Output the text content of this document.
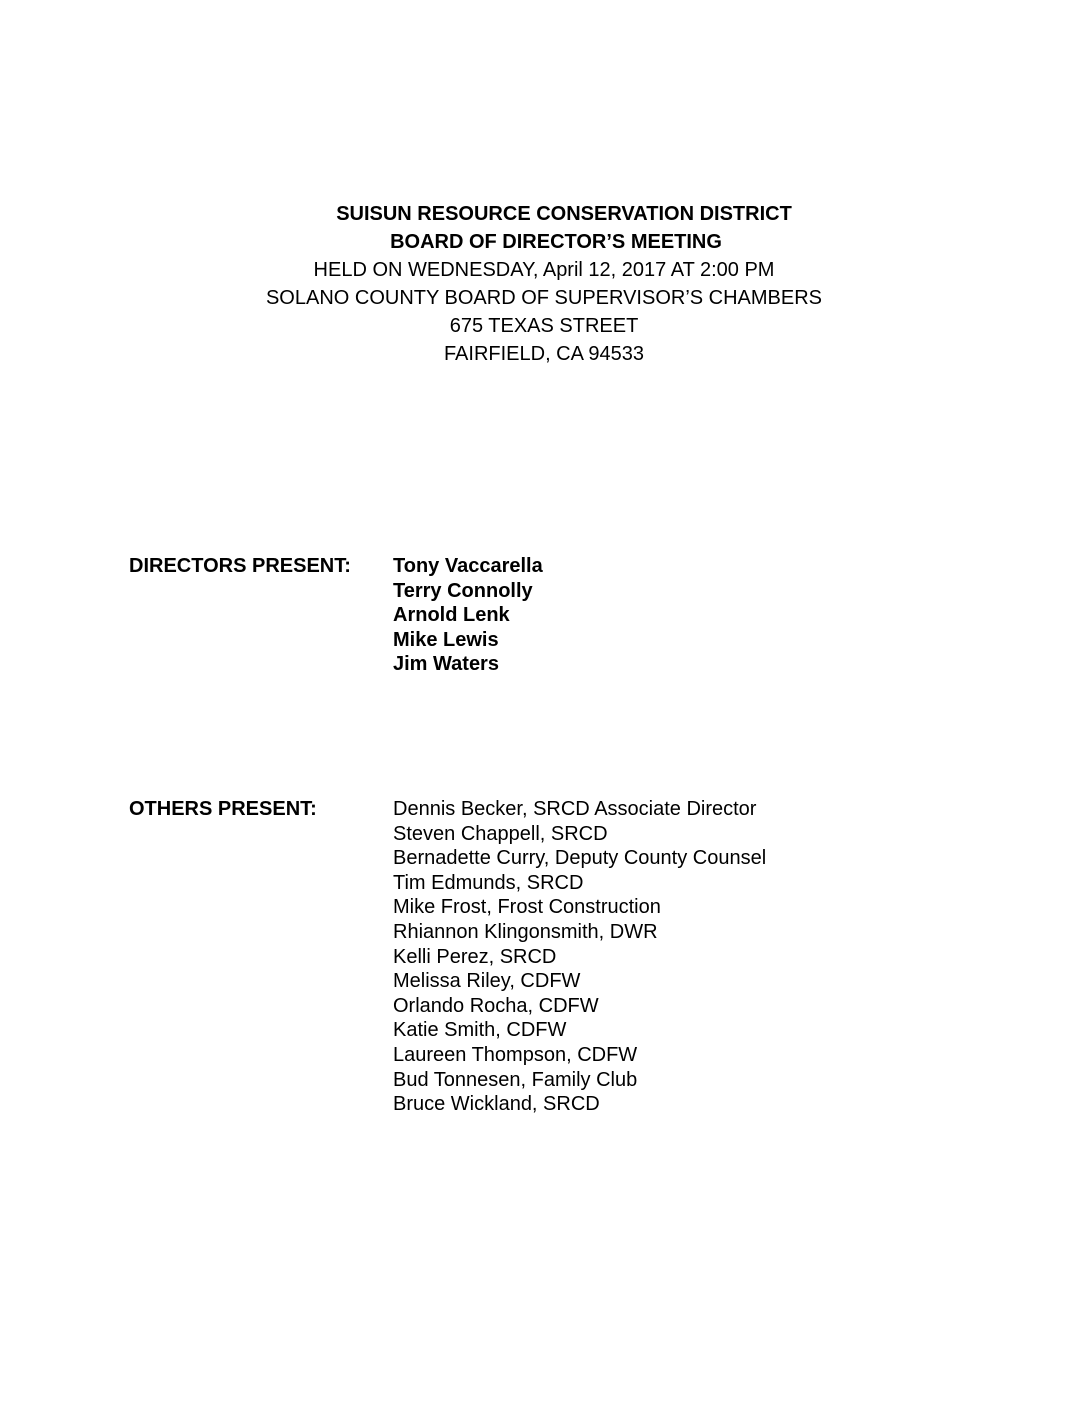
SUISUN RESOURCE CONSERVATION DISTRICT
BOARD OF DIRECTOR’S MEETING
HELD ON WEDNESDAY, April 12, 2017 AT 2:00 PM
SOLANO COUNTY BOARD OF SUPERVISOR’S CHAMBERS
675 TEXAS STREET
FAIRFIELD, CA 94533
DIRECTORS PRESENT: Tony Vaccarella
Terry Connolly
Arnold Lenk
Mike Lewis
Jim Waters
OTHERS PRESENT:	Dennis Becker, SRCD Associate Director
Steven Chappell, SRCD
Bernadette Curry, Deputy County Counsel
Tim Edmunds, SRCD
Mike Frost, Frost Construction
Rhiannon Klingonsmith, DWR
Kelli Perez, SRCD
Melissa Riley, CDFW
Orlando Rocha, CDFW
Katie Smith, CDFW
Laureen Thompson, CDFW
Bud Tonnesen, Family Club
Bruce Wickland, SRCD
